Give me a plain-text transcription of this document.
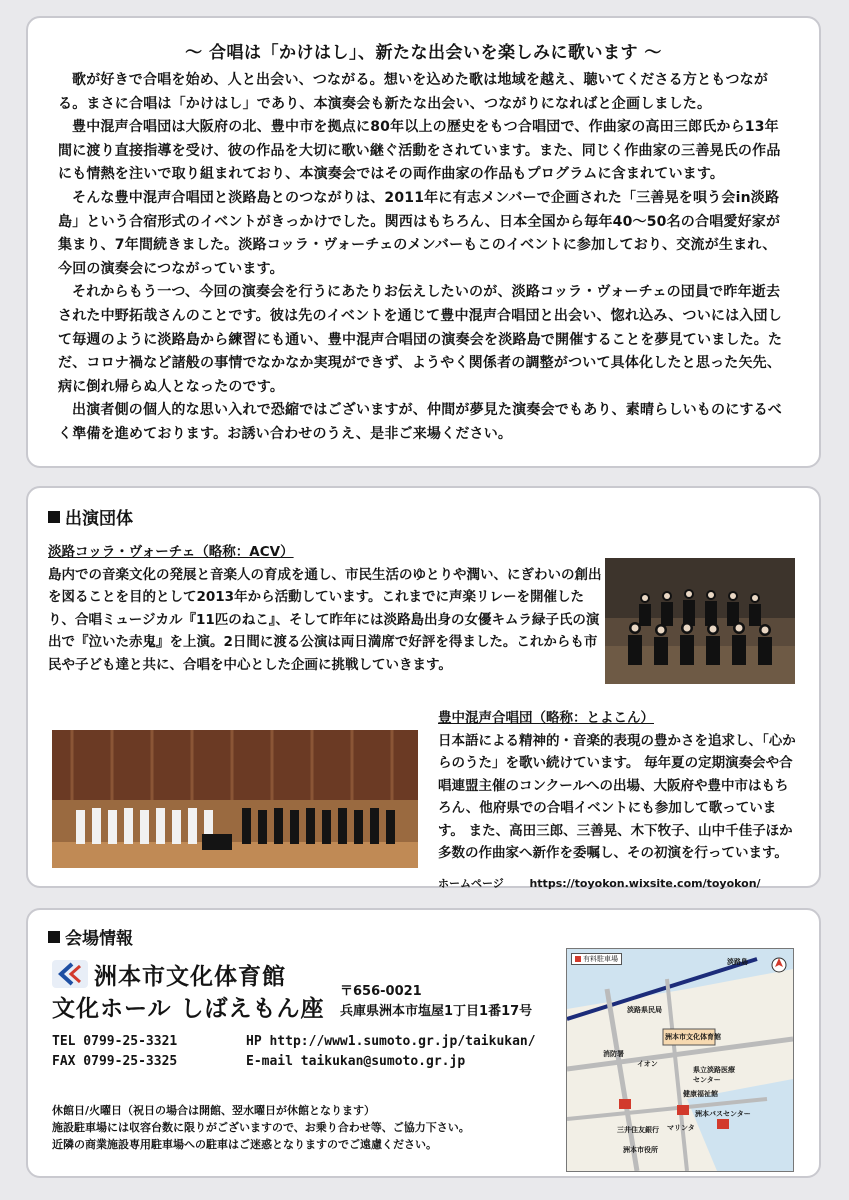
～ 合唱は「かけはし」、新たな出会いを楽しみに歌います ～

歌が好きで合唱を始め、人と出会い、つながる。想いを込めた歌は地域を越え、聴いてくださる方ともつながる。まさに合唱は「かけはし」であり、本演奏会も新たな出会い、つながりになればと企画しました。

豊中混声合唱団は大阪府の北、豊中市を拠点に80年以上の歴史をもつ合唱団で、作曲家の高田三郎氏から13年間に渡り直接指導を受け、彼の作品を大切に歌い継ぐ活動をされています。また、同じく作曲家の三善晃氏の作品にも情熱を注いで取り組まれており、本演奏会ではその両作曲家の作品もプログラムに含まれています。

そんな豊中混声合唱団と淡路島とのつながりは、2011年に有志メンバーで企画された「三善晃を唄う会in淡路島」という合宿形式のイベントがきっかけでした。関西はもちろん、日本全国から毎年40～50名の合唱愛好家が集まり、7年間続きました。淡路コッラ・ヴォーチェのメンバーもこのイベントに参加しており、交流が生まれ、今回の演奏会につながっています。

それからもう一つ、今回の演奏会を行うにあたりお伝えしたいのが、淡路コッラ・ヴォーチェの団員で昨年逝去された中野拓哉さんのことです。彼は先のイベントを通じて豊中混声合唱団と出会い、惚れ込み、ついには入団して毎週のように淡路島から練習にも通い、豊中混声合唱団の演奏会を淡路島で開催することを夢見ていました。ただ、コロナ禍など諸般の事情でなかなか実現ができず、ようやく関係者の調整がついて具体化したと思った矢先、病に倒れ帰らぬ人となったのです。

出演者側の個人的な思い入れで恐縮ではございますが、仲間が夢見た演奏会でもあり、素晴らしいものにするべく準備を進めております。お誘い合わせのうえ、是非ご来場ください。

出演団体
淡路コッラ・ヴォーチェ（略称：ACV）

島内での音楽文化の発展と音楽人の育成を通し、市民生活のゆとりや潤い、にぎわいの創出を図ることを目的として2013年から活動しています。これまでに声楽リレーを開催したり、合唱ミュージカル『11匹のねこ』、そして昨年には淡路島出身の女優キムラ緑子氏の演出で『泣いた赤鬼』を上演。2日間に渡る公演は両日満席で好評を得ました。これからも市民や子ども達と共に、合唱を中心とした企画に挑戦していきます。

豊中混声合唱団（略称：とよこん）

日本語による精神的・音楽的表現の豊かさを追求し、「心からのうた」を歌い続けています。 毎年夏の定期演奏会や合唱連盟主催のコンクールへの出場、大阪府や豊中市はもちろん、他府県での合唱イベントにも参加して歌っています。 また、高田三郎、三善晃、木下牧子、山中千佳子ほか多数の作曲家へ新作を委嘱し、その初演を行っています。

ホームページ https://toyokon.wixsite.com/toyokon/
会場情報
洲本市文化体育館
文化ホール しばえもん座
〒656-0021
兵庫県洲本市塩屋1丁目1番17号
TEL 0799-25-3321
FAX 0799-25-3325
HP http://www1.sumoto.gr.jp/taikukan/
E-mail taikukan@sumoto.gr.jp
休館日/火曜日（祝日の場合は開館、翌水曜日が休館となります）
施設駐車場には収容台数に限りがございますので、お乗り合わせ等、ご協力下さい。
近隣の商業施設専用駐車場への駐車はご迷惑となりますのでご遠慮ください。
有料駐車場
淡路県民局
洲本市文化体育館
イオン
消防署
県立淡路医療センター
健康福祉館
洲本バスセンター
マリンタ
三井住友銀行
洲本市役所
淡路島
